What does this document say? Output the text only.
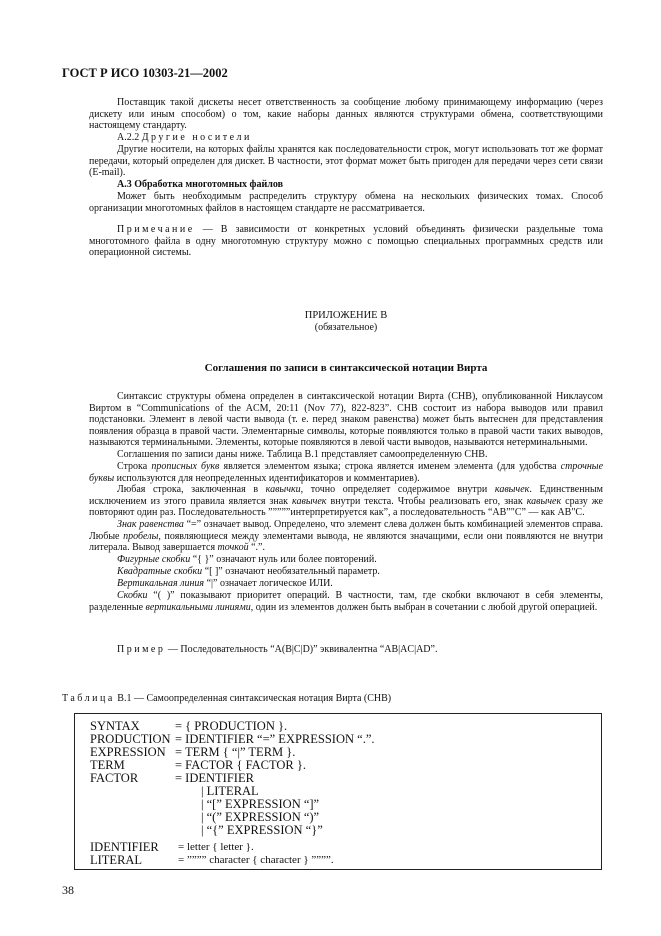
ГОСТ Р ИСО 10303-21—2002

Поставщик такой дискеты несет ответственность за сообщение любому принимающему информацию (через дискету или иным способом) о том, какие наборы данных являются структурами обмена, соответствующими настоящему стандарту.

А.2.2 Другие носители

Другие носители, на которых файлы хранятся как последовательности строк, могут использовать тот же формат передачи, который определен для дискет. В частности, этот формат может быть пригоден для передачи через сети связи (E-mail).

А.3 Обработка многотомных файлов

Может быть необходимым распределить структуру обмена на нескольких физических томах. Способ организации многотомных файлов в настоящем стандарте не рассматривается.

Примечание — В зависимости от конкретных условий объединять физически раздельные тома многотомного файла в одну многотомную структуру можно с помощью специальных программных средств или операционной системы.

ПРИЛОЖЕНИЕ В
(обязательное)
Соглашения по записи в синтаксической нотации Вирта

Синтаксис структуры обмена определен в синтаксической нотации Вирта (СНВ), опубликованной Никлаусом Виртом в “Communications of the ACM, 20:11 (Nov 77), 822-823”. СНВ состоит из набора выводов или правил подстановки. Элемент в левой части вывода (т. е. перед знаком равенства) может быть вытеснен для представления появления образца в правой части. Элементарные символы, которые появляются только в правой части таких выводов, называются терминальными. Элементы, которые появляются в левой части выводов, называются нетерминальными.

Соглашения по записи даны ниже. Таблица В.1 представляет самоопределенную СНВ.

Строка прописных букв является элементом языка; строка является именем элемента (для удобства строчные буквы используются для неопределенных идентификаторов и комментариев).

Любая строка, заключенная в кавычки, точно определяет содержимое внутри кавычек. Единственным исключением из этого правила является знак кавычек внутри текста. Чтобы реализовать его, знак кавычек сразу же повторяют один раз. Последовательность ”””””интерпретируется как”, а последовательность “АВ”"С” — как АВ"С.

Знак равенства “=” означает вывод. Определено, что элемент слева должен быть комбинацией элементов справа. Любые пробелы, появляющиеся между элементами вывода, не являются значащими, если они появляются не внутри литерала. Вывод завершается точкой “.”.

Фигурные скобки “{ }” означают нуль или более повторений.

Квадратные скобки “[ ]” означают необязательный параметр.

Вертикальная линия “|” означает логическое ИЛИ.

Скобки “( )” показывают приоритет операций. В частности, там, где скобки включают в себя элементы, разделенные вертикальными линиями, один из элементов должен быть выбран в сочетании с любой другой операцией.

Пример — Последовательность “A(B|C|D)” эквивалентна “AB|AC|AD”.

Таблица В.1 — Самоопределенная синтаксическая нотация Вирта (СНВ)
SYNTAX	= { PRODUCTION }.
PRODUCTION = IDENTIFIER “=” EXPRESSION “.”.
EXPRESSION = TERM { “|” TERM }.
TERM	= FACTOR { FACTOR }.
FACTOR	= IDENTIFIER
| LITERAL
| “[” EXPRESSION “]”
| “(” EXPRESSION “)”
| “{” EXPRESSION “}”
IDENTIFIER = letter { letter }.
LITERAL	= ”””” character { character } ””””.
38
